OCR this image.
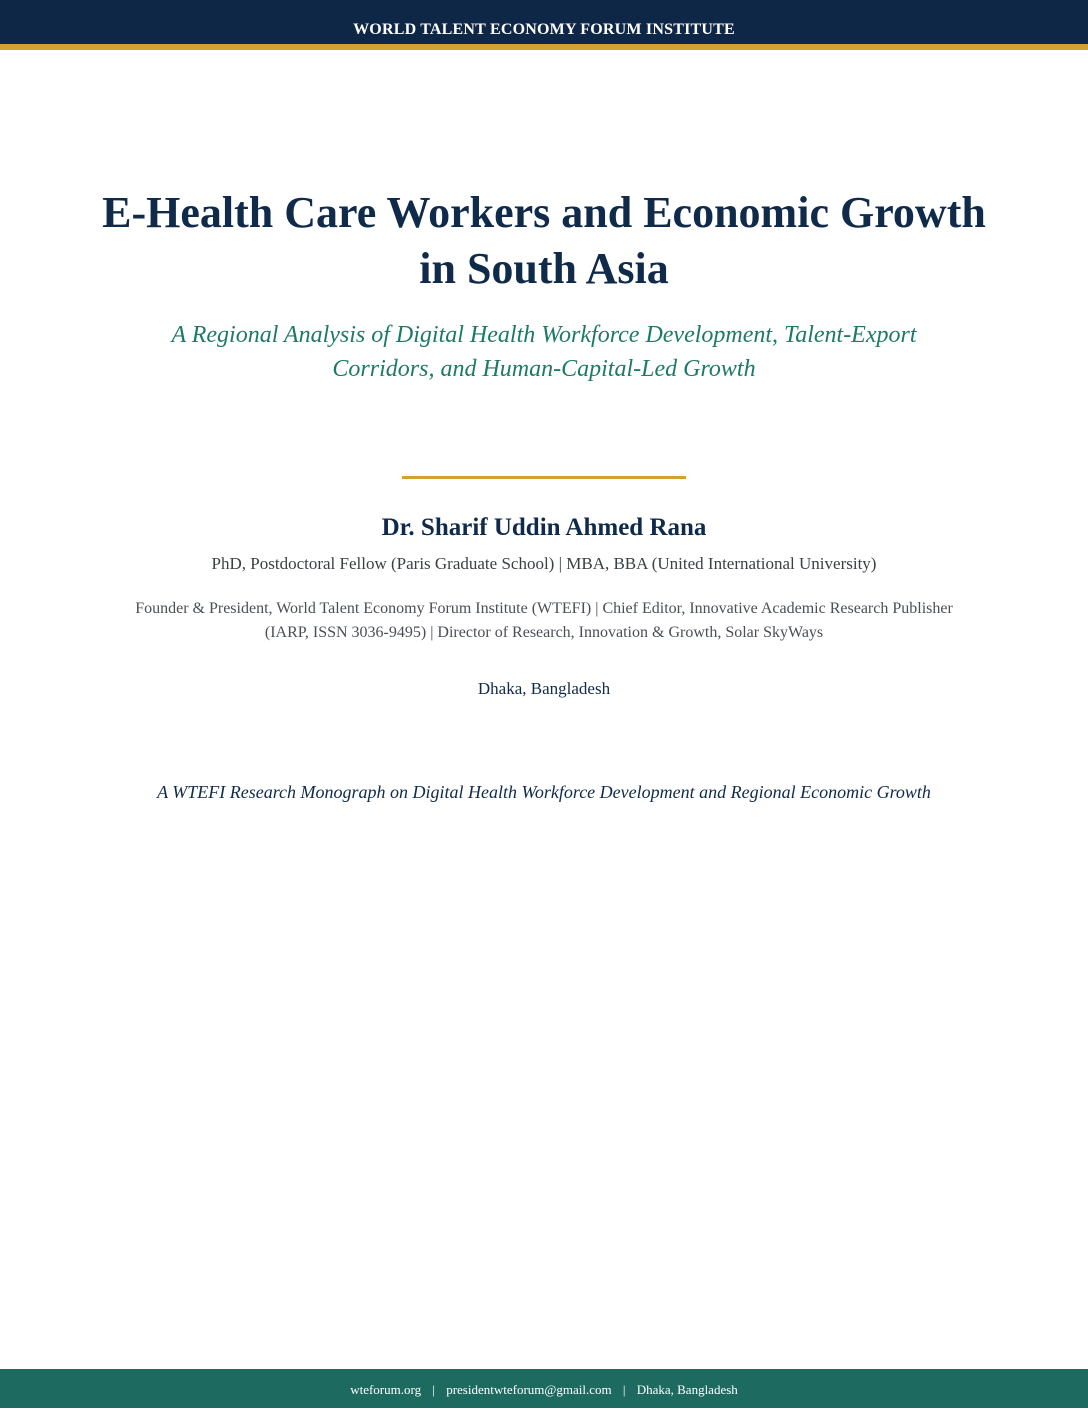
WORLD TALENT ECONOMY FORUM INSTITUTE
E-Health Care Workers and Economic Growth
in South Asia

A Regional Analysis of Digital Health Workforce Development, Talent-Export
Corridors, and Human-Capital-Led Growth

Dr. Sharif Uddin Ahmed Rana
PhD, Postdoctoral Fellow (Paris Graduate School) | MBA, BBA (United International University)
Founder & President, World Talent Economy Forum Institute (WTEFI) | Chief Editor, Innovative Academic Research Publisher
(IARP, ISSN 3036-9495) | Director of Research, Innovation & Growth, Solar SkyWays
Dhaka, Bangladesh
A WTEFI Research Monograph on Digital Health Workforce Development and Regional Economic Growth
wteforum.org | presidentwteforum@gmail.com | Dhaka, Bangladesh
